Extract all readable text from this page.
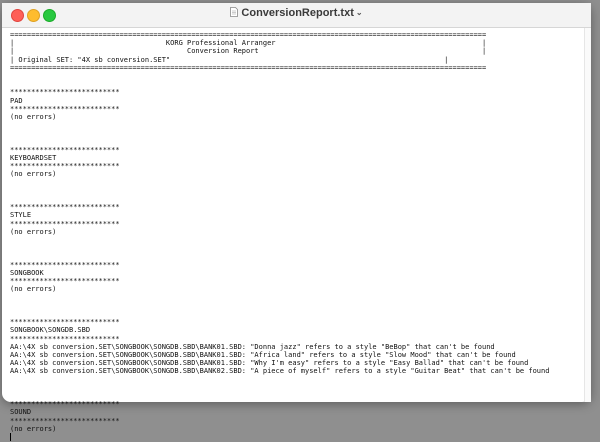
ConversionReport.txt ⌄
=================================================================================================================
|                                    KORG Professional Arranger                                                 |
|                                         Conversion Report                                                     |
| Original SET: "4X sb conversion.SET"                                                                 |
=================================================================================================================

**************************
PAD
**************************
(no errors)

**************************
KEYBOARDSET
**************************
(no errors)

**************************
STYLE
**************************
(no errors)

**************************
SONGBOOK
**************************
(no errors)

**************************
SONGBOOK\SONGDB.SBD
**************************
AA:\4X sb conversion.SET\SONGBOOK\SONGDB.SBD\BANK01.SBD: "Donna jazz" refers to a style "BeBop" that can't be found
AA:\4X sb conversion.SET\SONGBOOK\SONGDB.SBD\BANK01.SBD: "Africa land" refers to a style "Slow Mood" that can't be found
AA:\4X sb conversion.SET\SONGBOOK\SONGDB.SBD\BANK01.SBD: "Why I'm easy" refers to a style "Easy Ballad" that can't be found
AA:\4X sb conversion.SET\SONGBOOK\SONGDB.SBD\BANK02.SBD: "A piece of myself" refers to a style "Guitar Beat" that can't be found

**************************
SOUND
**************************
(no errors)
